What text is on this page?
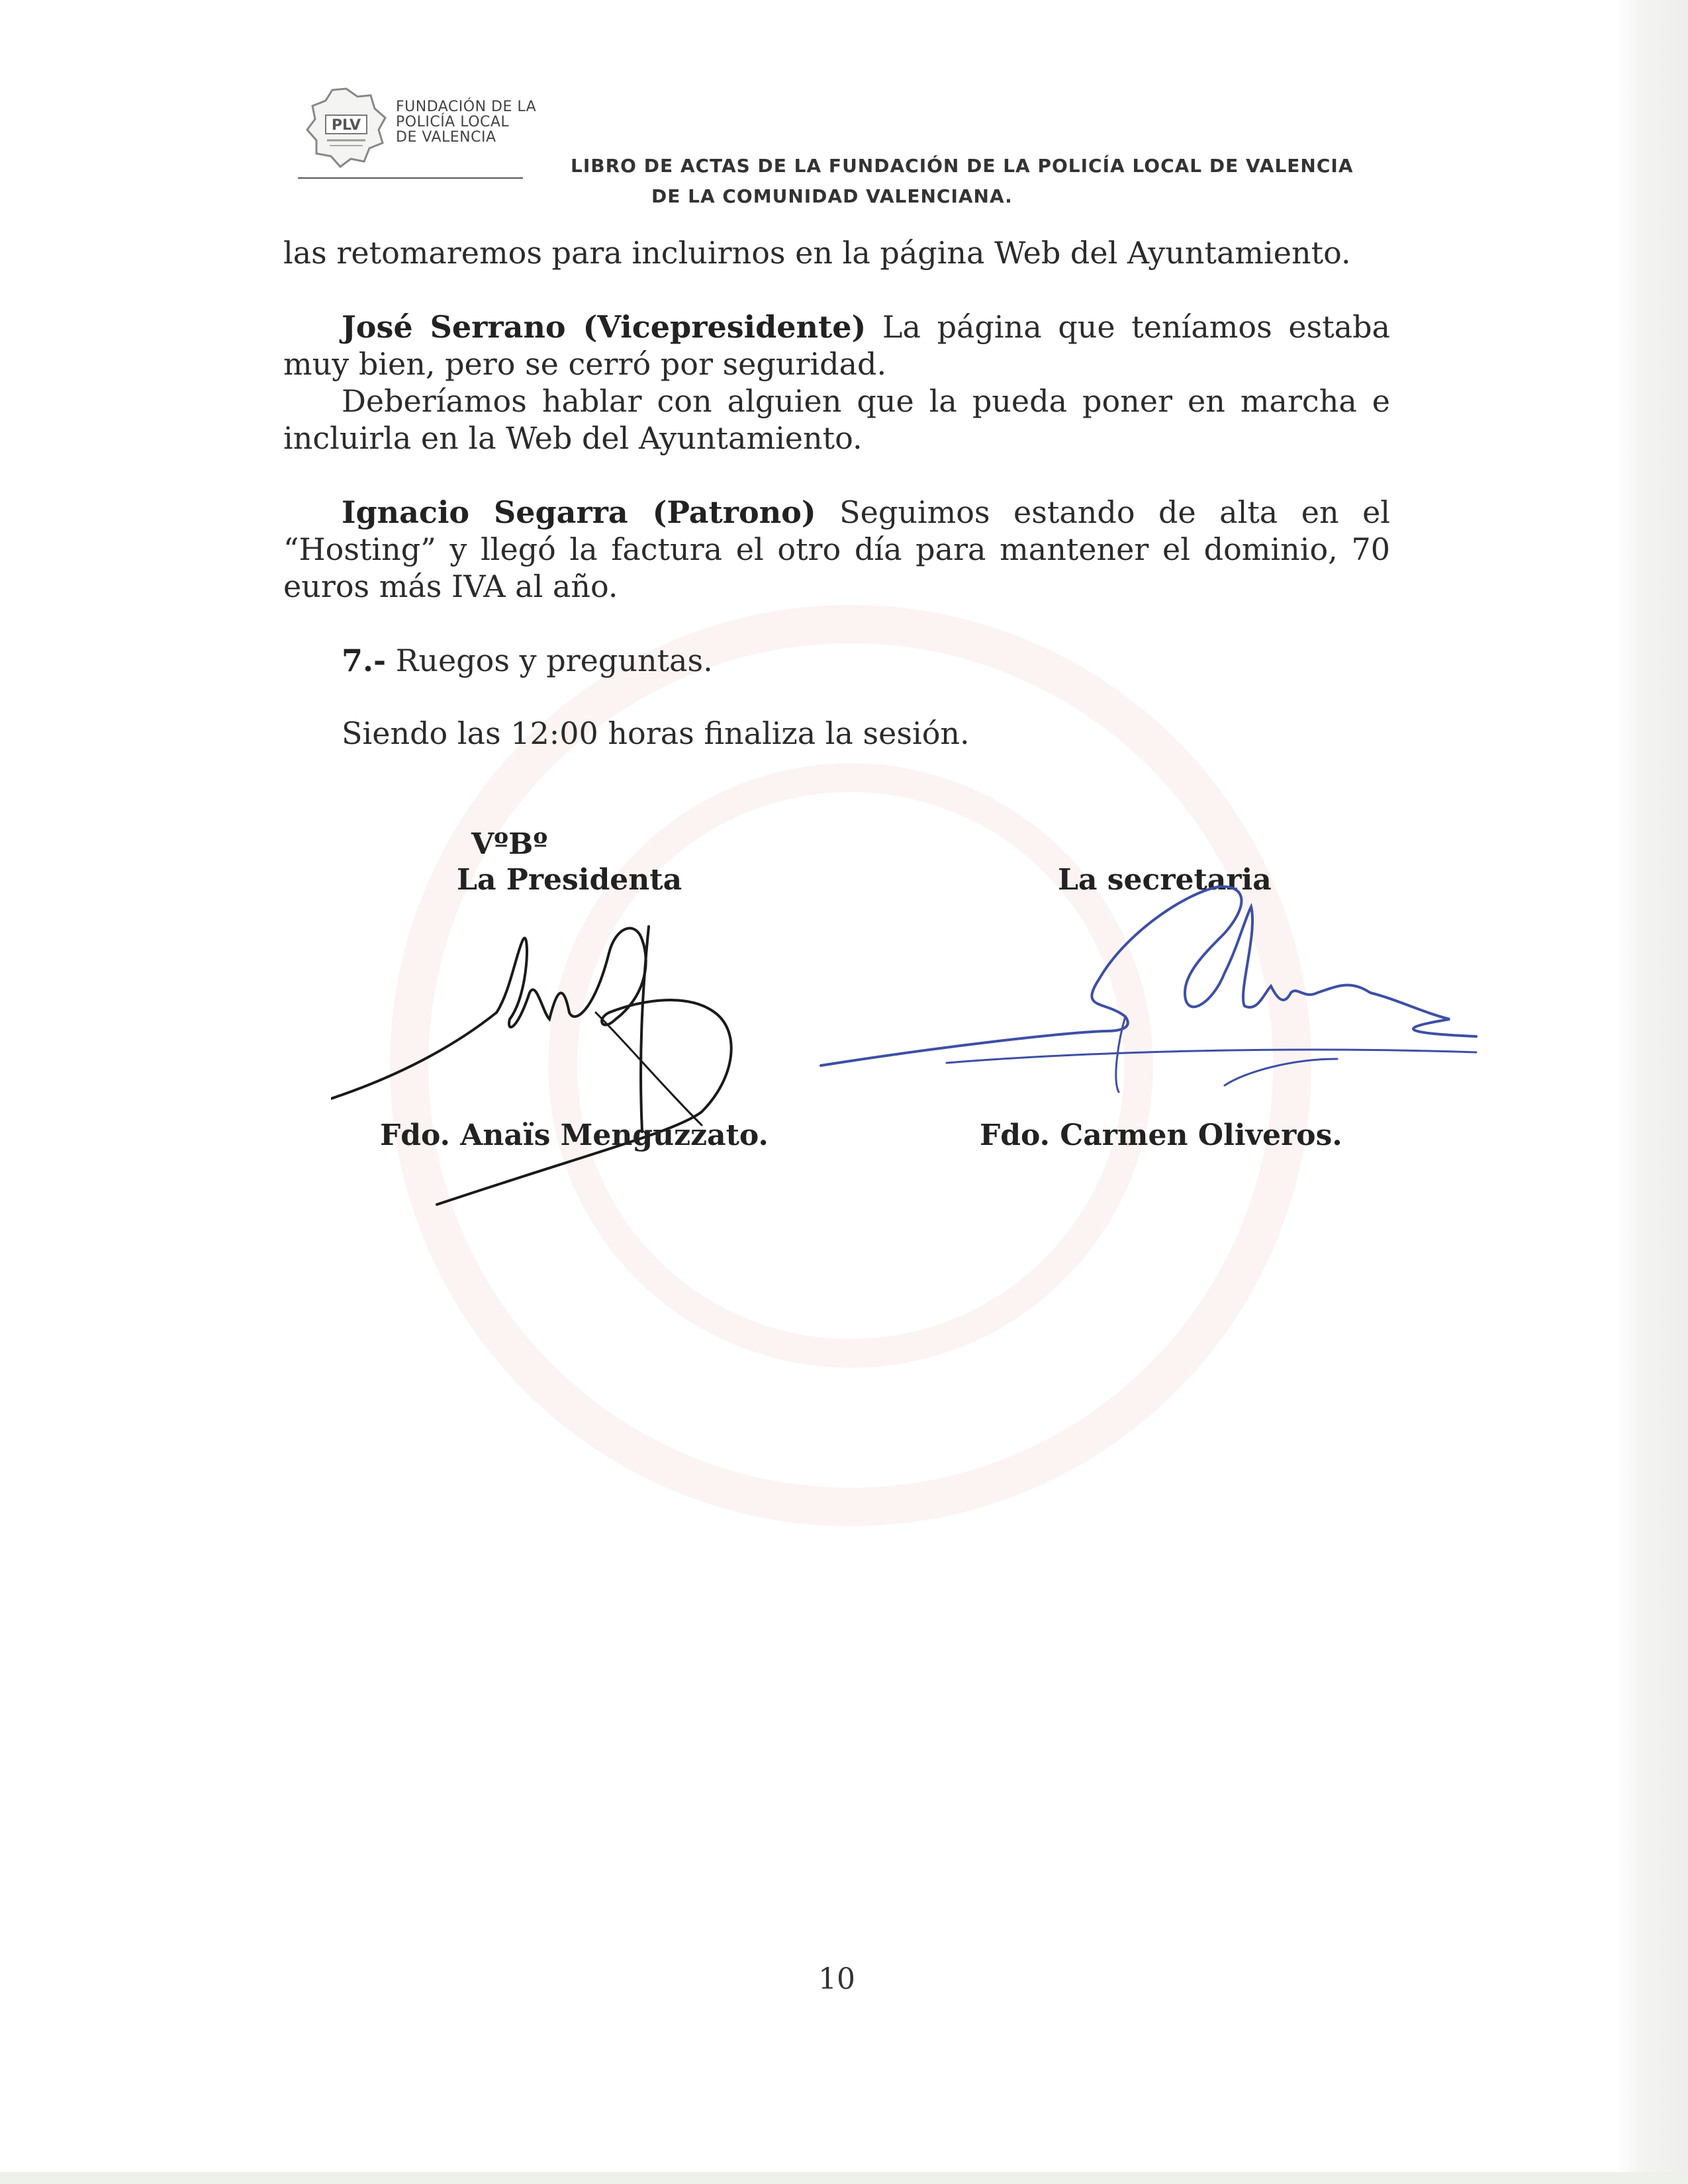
PLV
FUNDACIÓN DE LA
POLICÍA LOCAL
DE VALENCIA
LIBRO DE ACTAS DE LA FUNDACIÓN DE LA POLICÍA LOCAL DE VALENCIA
DE LA COMUNIDAD VALENCIANA.
las retomaremos para incluirnos en la página Web del Ayuntamiento.
José Serrano (Vicepresidente) La página que teníamos estaba muy bien, pero se cerró por seguridad.
Deberíamos hablar con alguien que la pueda poner en marcha e incluirla en la Web del Ayuntamiento.
Ignacio Segarra (Patrono) Seguimos estando de alta en el “Hosting” y llegó la factura el otro día para mantener el dominio, 70 euros más IVA al año.
7.- Ruegos y preguntas.
Siendo las 12:00 horas finaliza la sesión.
VºBº
La Presidenta	La secretaria
Fdo. Anaïs Menguzzato.	Fdo. Carmen Oliveros.
10
